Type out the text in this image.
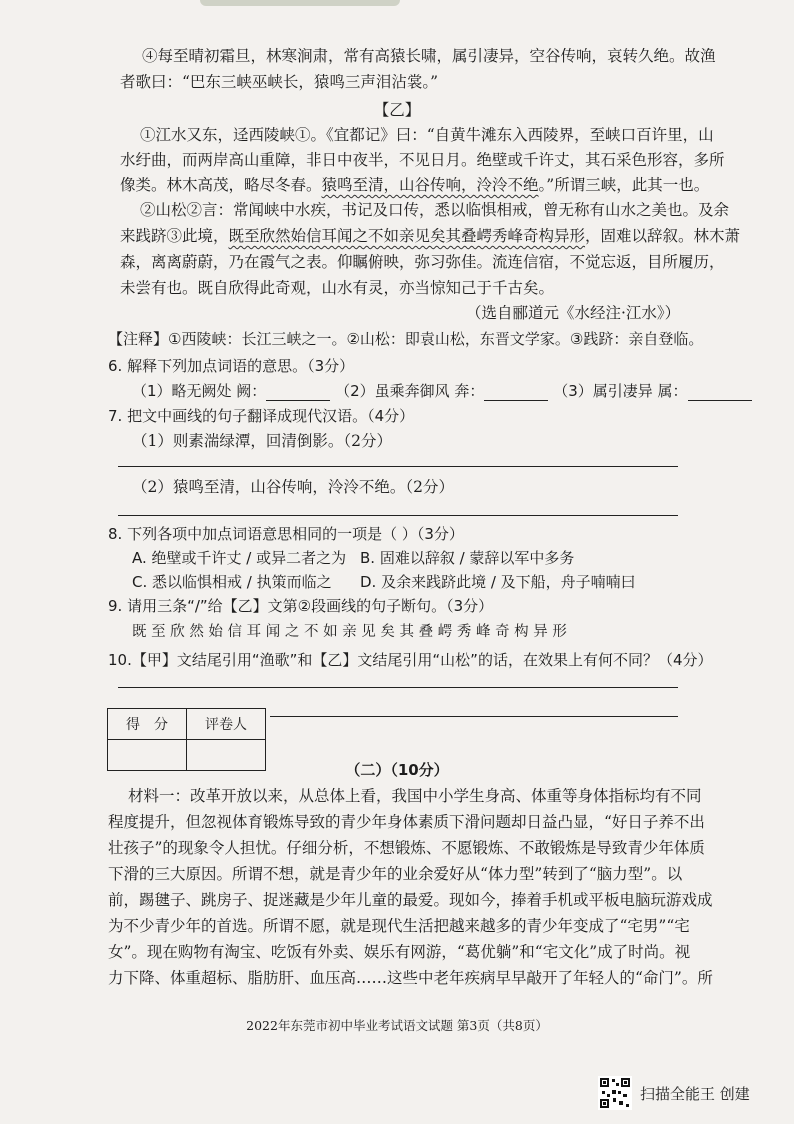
④每至晴初霜旦，林寒涧肃，常有高猿长啸，属引凄异，空谷传响，哀转久绝。故渔
者歌曰：“巴东三峡巫峡长，猿鸣三声泪沾裳。”
【乙】
①江水又东，迳西陵峡①。《宜都记》曰：“自黄牛滩东入西陵界，至峡口百许里，山
水纡曲，而两岸高山重障，非日中夜半，不见日月。绝壁或千许丈，其石采色形容，多所
像类。林木高茂，略尽冬春。猿鸣至清，山谷传响，泠泠不绝。”所谓三峡，此其一也。
②山松②言：常闻峡中水疾，书记及口传，悉以临惧相戒，曾无称有山水之美也。及余
来践跻③此境，既至欣然始信耳闻之不如亲见矣其叠崿秀峰奇构异形，固难以辞叙。林木萧
森，离离蔚蔚，乃在霞气之表。仰瞩俯映，弥习弥佳。流连信宿，不觉忘返，目所履历，
未尝有也。既自欣得此奇观，山水有灵，亦当惊知己于千古矣。
（选自郦道元《水经注·江水》）
【注释】①西陵峡：长江三峡之一。②山松：即袁山松，东晋文学家。③践跻：亲自登临。
6. 解释下列加点词语的意思。（3分）
（1）略无阙处 阙：	（2）虽乘奔御风 奔：	（3）属引凄异 属：
7. 把文中画线的句子翻译成现代汉语。（4分）
（1）则素湍绿潭，回清倒影。（2分）
（2）猿鸣至清，山谷传响，泠泠不绝。（2分）
8. 下列各项中加点词语意思相同的一项是（ ）（3分）
A. 绝壁或千许丈 / 或异二者之为 B. 固难以辞叙 / 蒙辞以军中多务
C. 悉以临惧相戒 / 执策而临之 D. 及余来践跻此境 / 及下船，舟子喃喃曰
9. 请用三条“/”给【乙】文第②段画线的句子断句。（3分）
既 至 欣 然 始 信 耳 闻 之 不 如 亲 见 矣 其 叠 崿 秀 峰 奇 构 异 形
10.【甲】文结尾引用“渔歌”和【乙】文结尾引用“山松”的话，在效果上有何不同？（4分）
得　分	评卷人

（二）（10分）
材料一：改革开放以来，从总体上看，我国中小学生身高、体重等身体指标均有不同
程度提升，但忽视体育锻炼导致的青少年身体素质下滑问题却日益凸显，“好日子养不出
壮孩子”的现象令人担忧。仔细分析，不想锻炼、不愿锻炼、不敢锻炼是导致青少年体质
下滑的三大原因。所谓不想，就是青少年的业余爱好从“体力型”转到了“脑力型”。以
前，踢毽子、跳房子、捉迷藏是少年儿童的最爱。现如今，捧着手机或平板电脑玩游戏成
为不少青少年的首选。所谓不愿，就是现代生活把越来越多的青少年变成了“宅男”“宅
女”。现在购物有淘宝、吃饭有外卖、娱乐有网游，“葛优躺”和“宅文化”成了时尚。视
力下降、体重超标、脂肪肝、血压高……这些中老年疾病早早敲开了年轻人的“命门”。所
2022年东莞市初中毕业考试语文试题 第3页（共8页）
扫描全能王 创建
